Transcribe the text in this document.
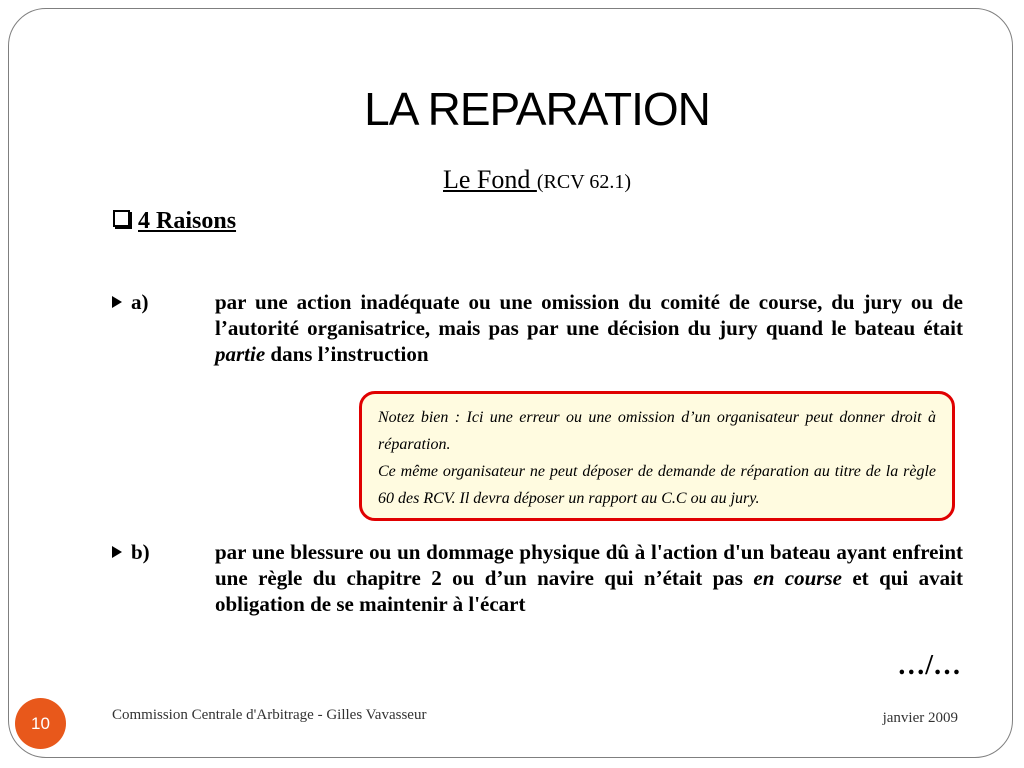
LA REPARATION
Le Fond (RCV 62.1)
4 Raisons
a)	par une action inadéquate ou une omission du comité de course, du jury ou de l’autorité organisatrice, mais pas par une décision du jury quand le bateau était partie dans l’instruction
Notez bien : Ici une erreur ou une omission d’un organisateur peut donner droit à réparation.
Ce même organisateur ne peut déposer de demande de réparation au titre de la règle 60 des RCV. Il devra déposer un rapport au C.C ou au jury.
b)	par une blessure ou un dommage physique dû à l'action d'un bateau ayant enfreint une règle du chapitre 2 ou d’un navire qui n’était pas en course et qui avait obligation de se maintenir à l'écart
…/…
10	Commission Centrale d'Arbitrage - Gilles Vavasseur	janvier 2009
